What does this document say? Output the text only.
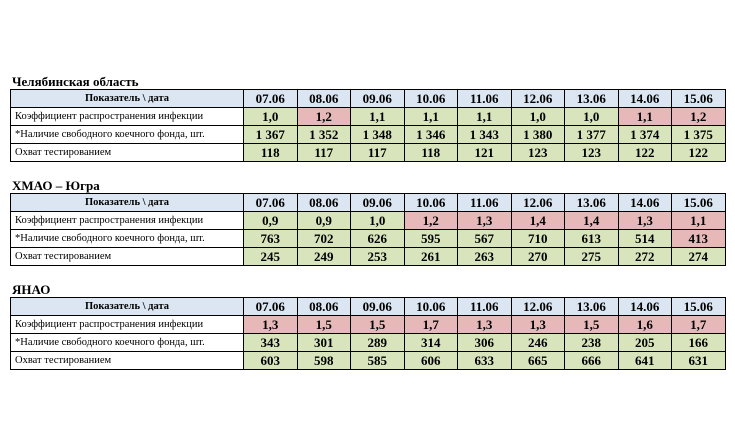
Челябинская область
Показатель \ дата	07.06	08.06	09.06	10.06	11.06	12.06	13.06	14.06	15.06
Коэффициент распространения инфекции	1,0	1,2	1,1	1,1	1,1	1,0	1,0	1,1	1,2
*Наличие свободного коечного фонда, шт.	1 367	1 352	1 348	1 346	1 343	1 380	1 377	1 374	1 375
Охват тестированием	118	117	117	118	121	123	123	122	122
ХМАО – Югра
Показатель \ дата	07.06	08.06	09.06	10.06	11.06	12.06	13.06	14.06	15.06
Коэффициент распространения инфекции	0,9	0,9	1,0	1,2	1,3	1,4	1,4	1,3	1,1
*Наличие свободного коечного фонда, шт.	763	702	626	595	567	710	613	514	413
Охват тестированием	245	249	253	261	263	270	275	272	274
ЯНАО
Показатель \ дата	07.06	08.06	09.06	10.06	11.06	12.06	13.06	14.06	15.06
Коэффициент распространения инфекции	1,3	1,5	1,5	1,7	1,3	1,3	1,5	1,6	1,7
*Наличие свободного коечного фонда, шт.	343	301	289	314	306	246	238	205	166
Охват тестированием	603	598	585	606	633	665	666	641	631
